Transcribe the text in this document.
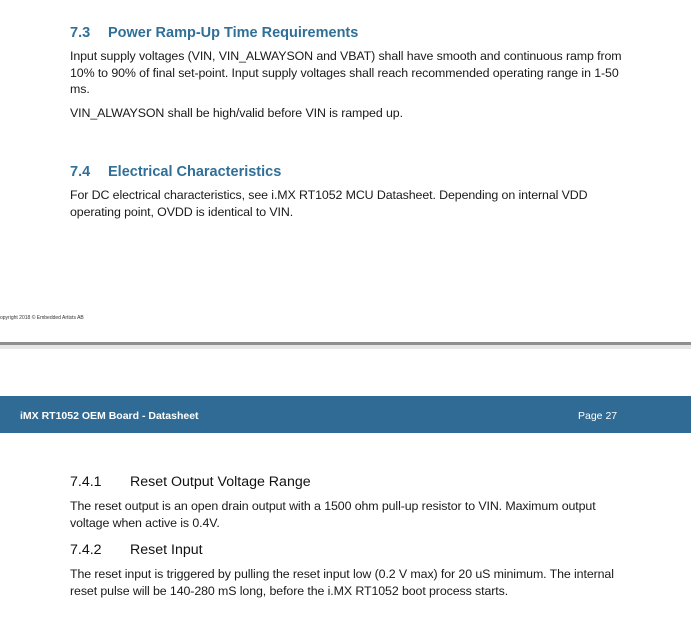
7.3 Power Ramp-Up Time Requirements
Input supply voltages (VIN, VIN_ALWAYSON and VBAT) shall have smooth and continuous ramp from 10% to 90% of final set-point. Input supply voltages shall reach recommended operating range in 1-50 ms.
VIN_ALWAYSON shall be high/valid before VIN is ramped up.
7.4 Electrical Characteristics
For DC electrical characteristics, see i.MX RT1052 MCU Datasheet. Depending on internal VDD operating point, OVDD is identical to VIN.
opyright 2018 © Embedded Artists AB
iMX RT1052 OEM Board - Datasheet	Page 27
7.4.1 Reset Output Voltage Range
The reset output is an open drain output with a 1500 ohm pull-up resistor to VIN. Maximum output voltage when active is 0.4V.
7.4.2 Reset Input
The reset input is triggered by pulling the reset input low (0.2 V max) for 20 uS minimum. The internal reset pulse will be 140-280 mS long, before the i.MX RT1052 boot process starts.
